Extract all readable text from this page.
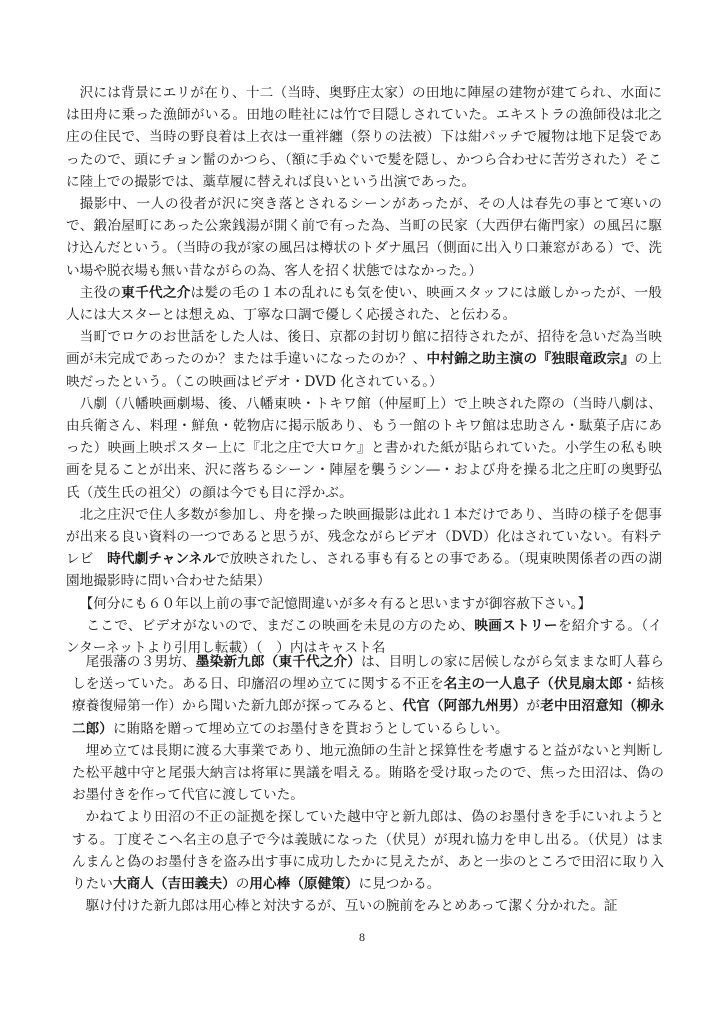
沢には背景にエリが在り、十二（当時、奥野庄太家）の田地に陣屋の建物が建てられ、水面には田舟に乗った漁師がいる。田地の畦社には竹で目隠しされていた。エキストラの漁師役は北之庄の住民で、当時の野良着は上衣は一重袢纏（祭りの法被）下は紺パッチで履物は地下足袋であったので、頭にチョン髷のかつら、（額に手ぬぐいで髪を隠し、かつら合わせに苦労された）そこに陸上での撮影では、藁草履に替えれば良いという出演であった。

撮影中、一人の役者が沢に突き落とされるシーンがあったが、その人は春先の事とて寒いので、鍛冶屋町にあった公衆銭湯が開く前で有った為、当町の民家（大西伊右衛門家）の風呂に駆け込んだという。（当時の我が家の風呂は樽状のトダナ風呂（側面に出入り口兼窓がある）で、洗い場や脱衣場も無い昔ながらの為、客人を招く状態ではなかった。）

主役の東千代之介は髪の毛の１本の乱れにも気を使い、映画スタッフには厳しかったが、一般人には大スターとは想えぬ、丁寧な口調で優しく応援された、と伝わる。

当町でロケのお世話をした人は、後日、京都の封切り館に招待されたが、招待を急いだ為当映画が未完成であったのか？または手違いになったのか？、中村錦之助主演の『独眼竜政宗』の上映だったという。（この映画はビデオ・DVD 化されている。）

八劇（八幡映画劇場、後、八幡東映・トキワ館（仲屋町上）で上映された際の（当時八劇は、由兵衛さん、料理・鮮魚・乾物店に掲示版あり、もう一館のトキワ館は忠助さん・駄菓子店にあった）映画上映ポスター上に『北之庄で大ロケ』と書かれた紙が貼られていた。小学生の私も映画を見ることが出来、沢に落ちるシーン・陣屋を襲うシン―・および舟を操る北之庄町の奥野弘氏（茂生氏の祖父）の顔は今でも目に浮かぶ。

北之庄沢で住人多数が参加し、舟を操った映画撮影は此れ１本だけであり、当時の様子を偲事が出来る良い資料の一つであると思うが、残念ながらビデオ（DVD）化はされていない。有料テレビ　時代劇チャンネルで放映されたし、される事も有るとの事である。（現東映関係者の西の湖園地撮影時に問い合わせた結果）

【何分にも６０年以上前の事で記憶間違いが多々有ると思いますが御容赦下さい。】

ここで、ビデオがないので、まだこの映画を未見の方のため、映画ストリーを紹介する。（インターネットより引用し転載）（　）内はキャスト名

尾張藩の３男坊、墨染新九郎（東千代之介）は、目明しの家に居候しながら気ままな町人暮らしを送っていた。ある日、印旛沼の埋め立てに関する不正を名主の一人息子（伏見扇太郎・結核療養復帰第一作）から聞いた新九郎が探ってみると、代官（阿部九州男）が老中田沼意知（柳永二郎）に賄賂を贈って埋め立てのお墨付きを貰おうとしているらしい。

埋め立ては長期に渡る大事業であり、地元漁師の生計と採算性を考慮すると益がないと判断した松平越中守と尾張大納言は将軍に異議を唱える。賄賂を受け取ったので、焦った田沼は、偽のお墨付きを作って代官に渡していた。

かねてより田沼の不正の証拠を探していた越中守と新九郎は、偽のお墨付きを手にいれようとする。丁度そこへ名主の息子で今は義賊になった（伏見）が現れ協力を申し出る。（伏見）はまんまんと偽のお墨付きを盗み出す事に成功したかに見えたが、あと一歩のところで田沼に取り入りたい大商人（吉田義夫）の用心棒（原健策）に見つかる。

駆け付けた新九郎は用心棒と対決するが、互いの腕前をみとめあって潔く分かれた。証

8
